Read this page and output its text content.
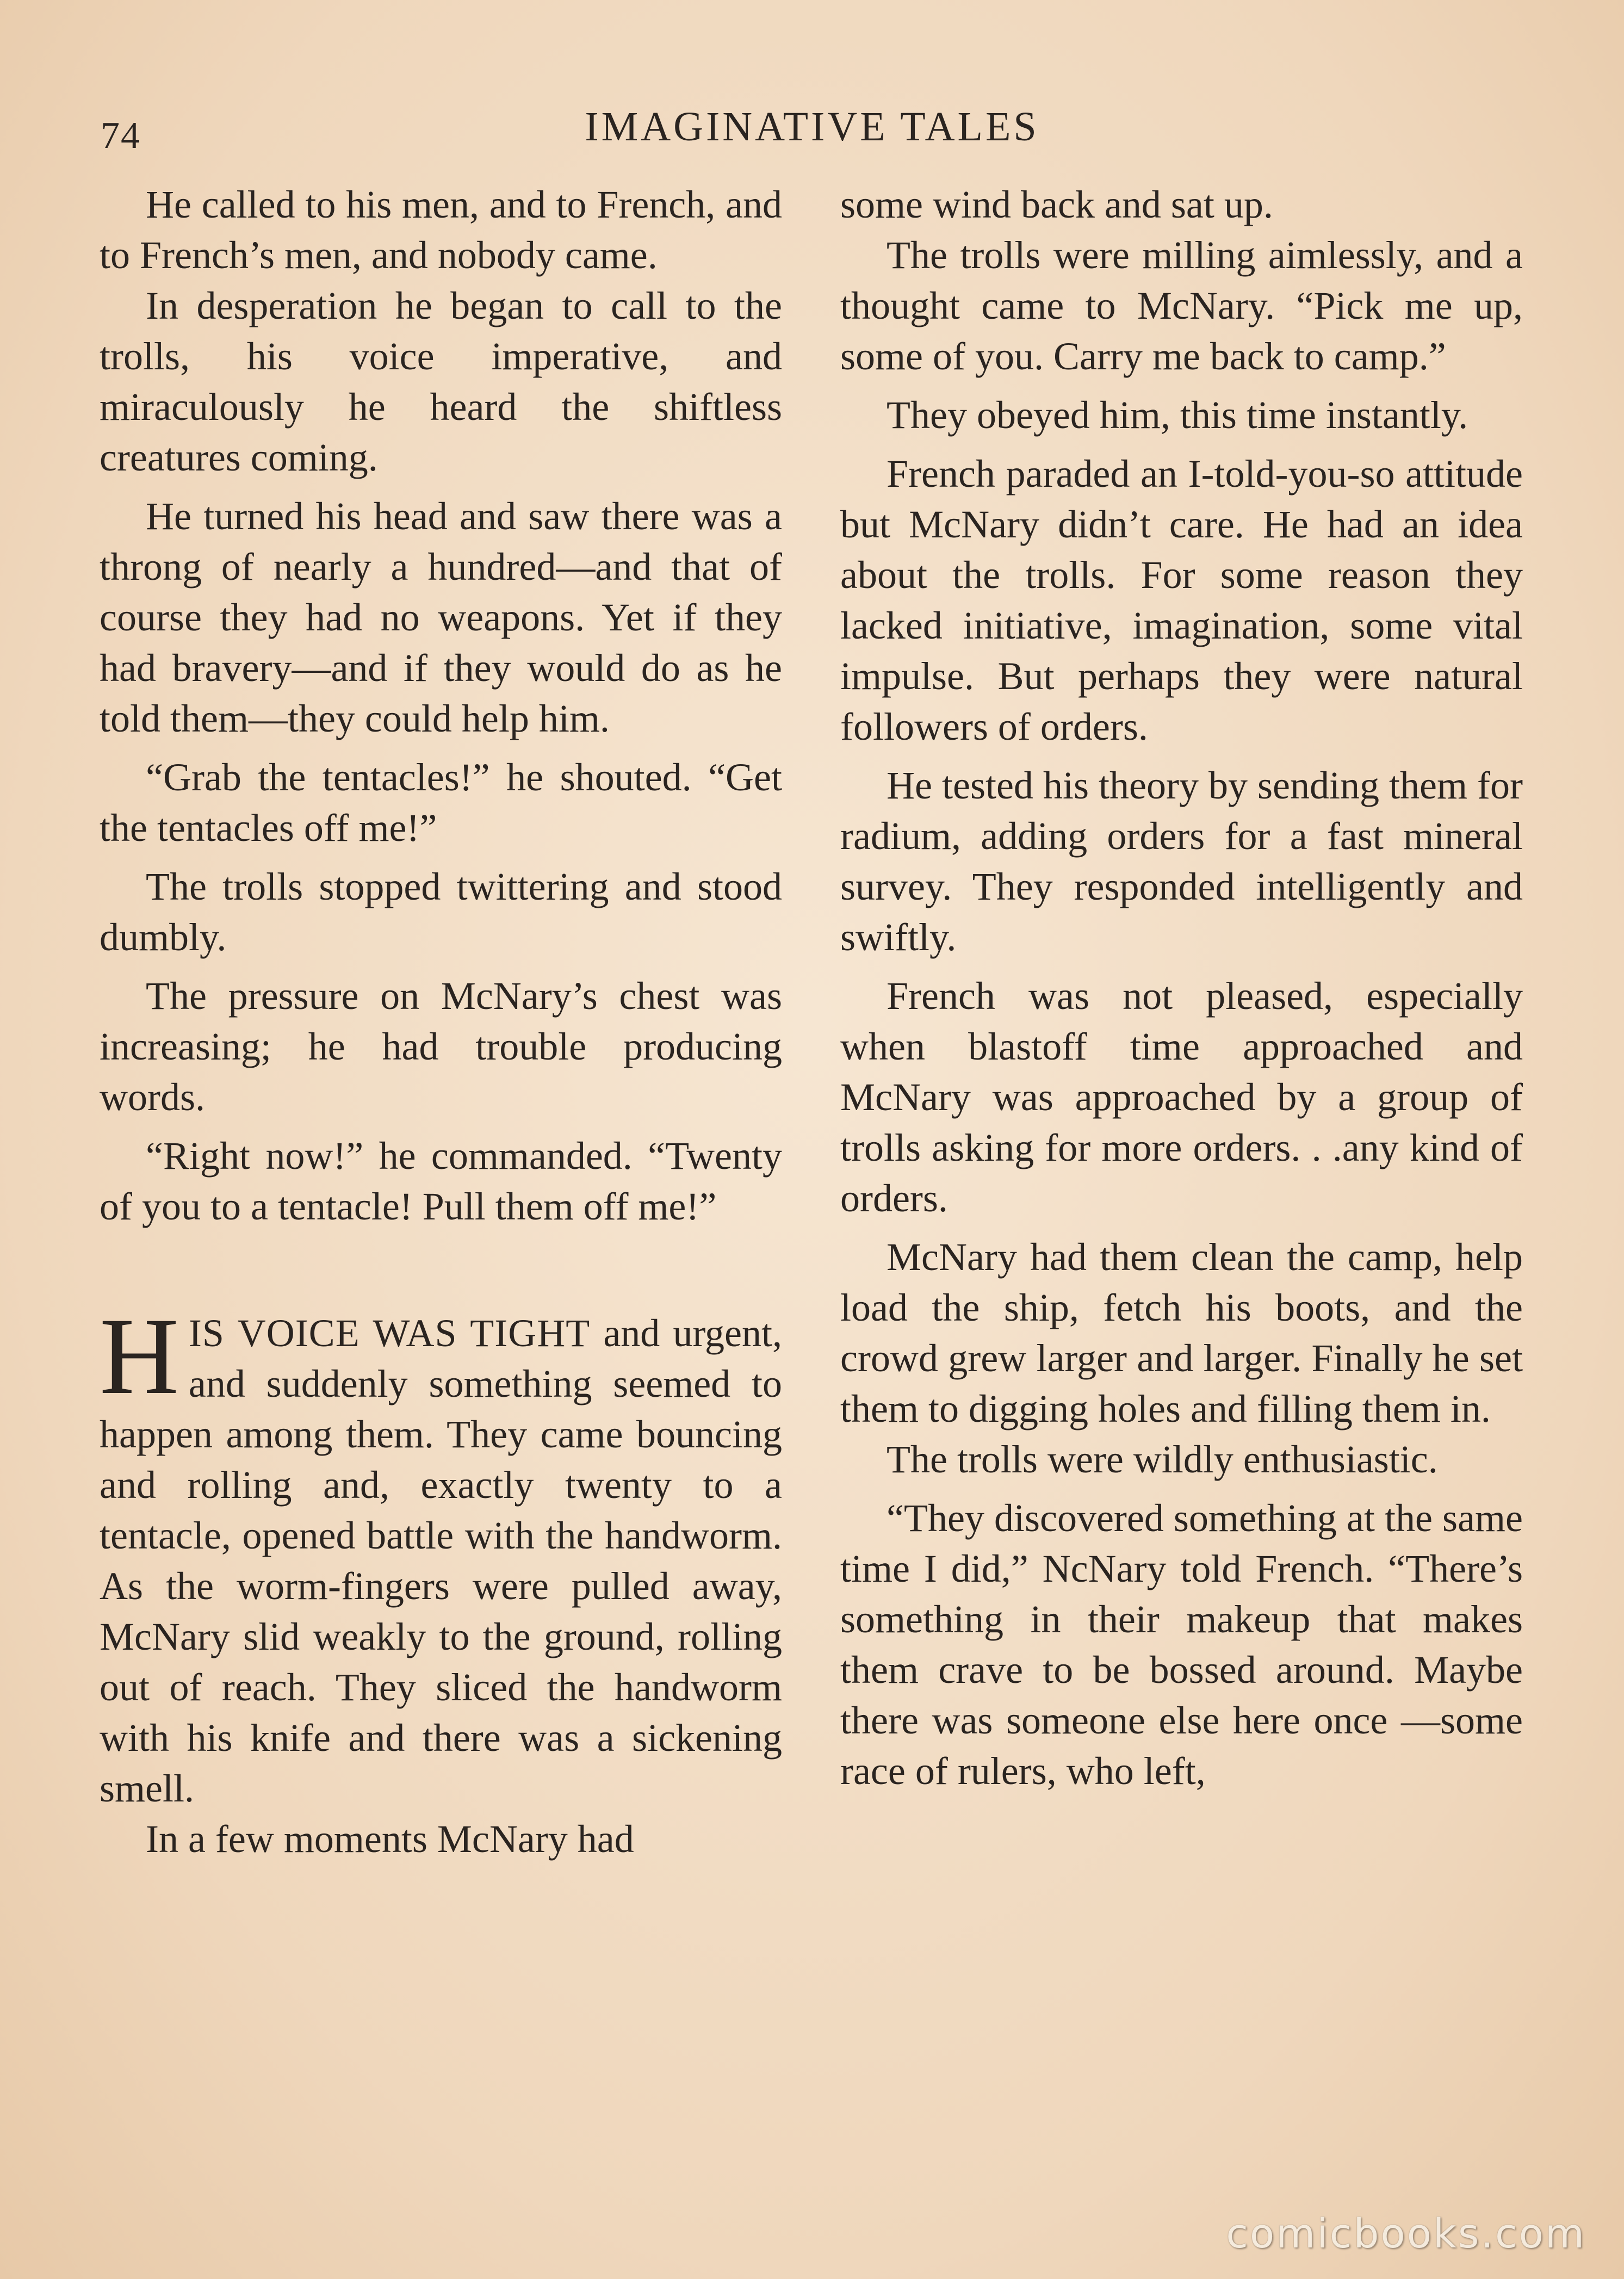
74	IMAGINATIVE TALES

He called to his men, and to French, and to French’s men, and nobody came.

In desperation he began to call to the trolls, his voice imperative, and miraculously he heard the shiftless creatures coming.

He turned his head and saw there was a throng of nearly a hundred—and that of course they had no weapons. Yet if they had bravery—and if they would do as he told them—they could help him.

“Grab the tentacles!” he shouted. “Get the tentacles off me!”

The trolls stopped twittering and stood dumbly.

The pressure on McNary’s chest was increasing; he had trouble producing words.

“Right now!” he commanded. “Twenty of you to a tentacle! Pull them off me!”

HIS VOICE WAS TIGHT and urgent, and suddenly something seemed to happen among them. They came bouncing and rolling and, exactly twenty to a tentacle, opened battle with the handworm. As the worm-fingers were pulled away, McNary slid weakly to the ground, rolling out of reach. They sliced the handworm with his knife and there was a sickening smell.

In a few moments McNary had

some wind back and sat up.

The trolls were milling aimlessly, and a thought came to McNary. “Pick me up, some of you. Carry me back to camp.”

They obeyed him, this time instantly.

French paraded an I-told-you-so attitude but McNary didn’t care. He had an idea about the trolls. For some reason they lacked initiative, imagination, some vital impulse. But perhaps they were natural followers of orders.

He tested his theory by sending them for radium, adding orders for a fast mineral survey. They responded intelligently and swiftly.

French was not pleased, especially when blastoff time approached and McNary was approached by a group of trolls asking for more orders. . .any kind of orders.

McNary had them clean the camp, help load the ship, fetch his boots, and the crowd grew larger and larger. Finally he set them to digging holes and filling them in.

The trolls were wildly enthusiastic.

“They discovered something at the same time I did,” NcNary told French. “There’s something in their makeup that makes them crave to be bossed around. Maybe there was someone else here once —some race of rulers, who left,

comicbooks.com
